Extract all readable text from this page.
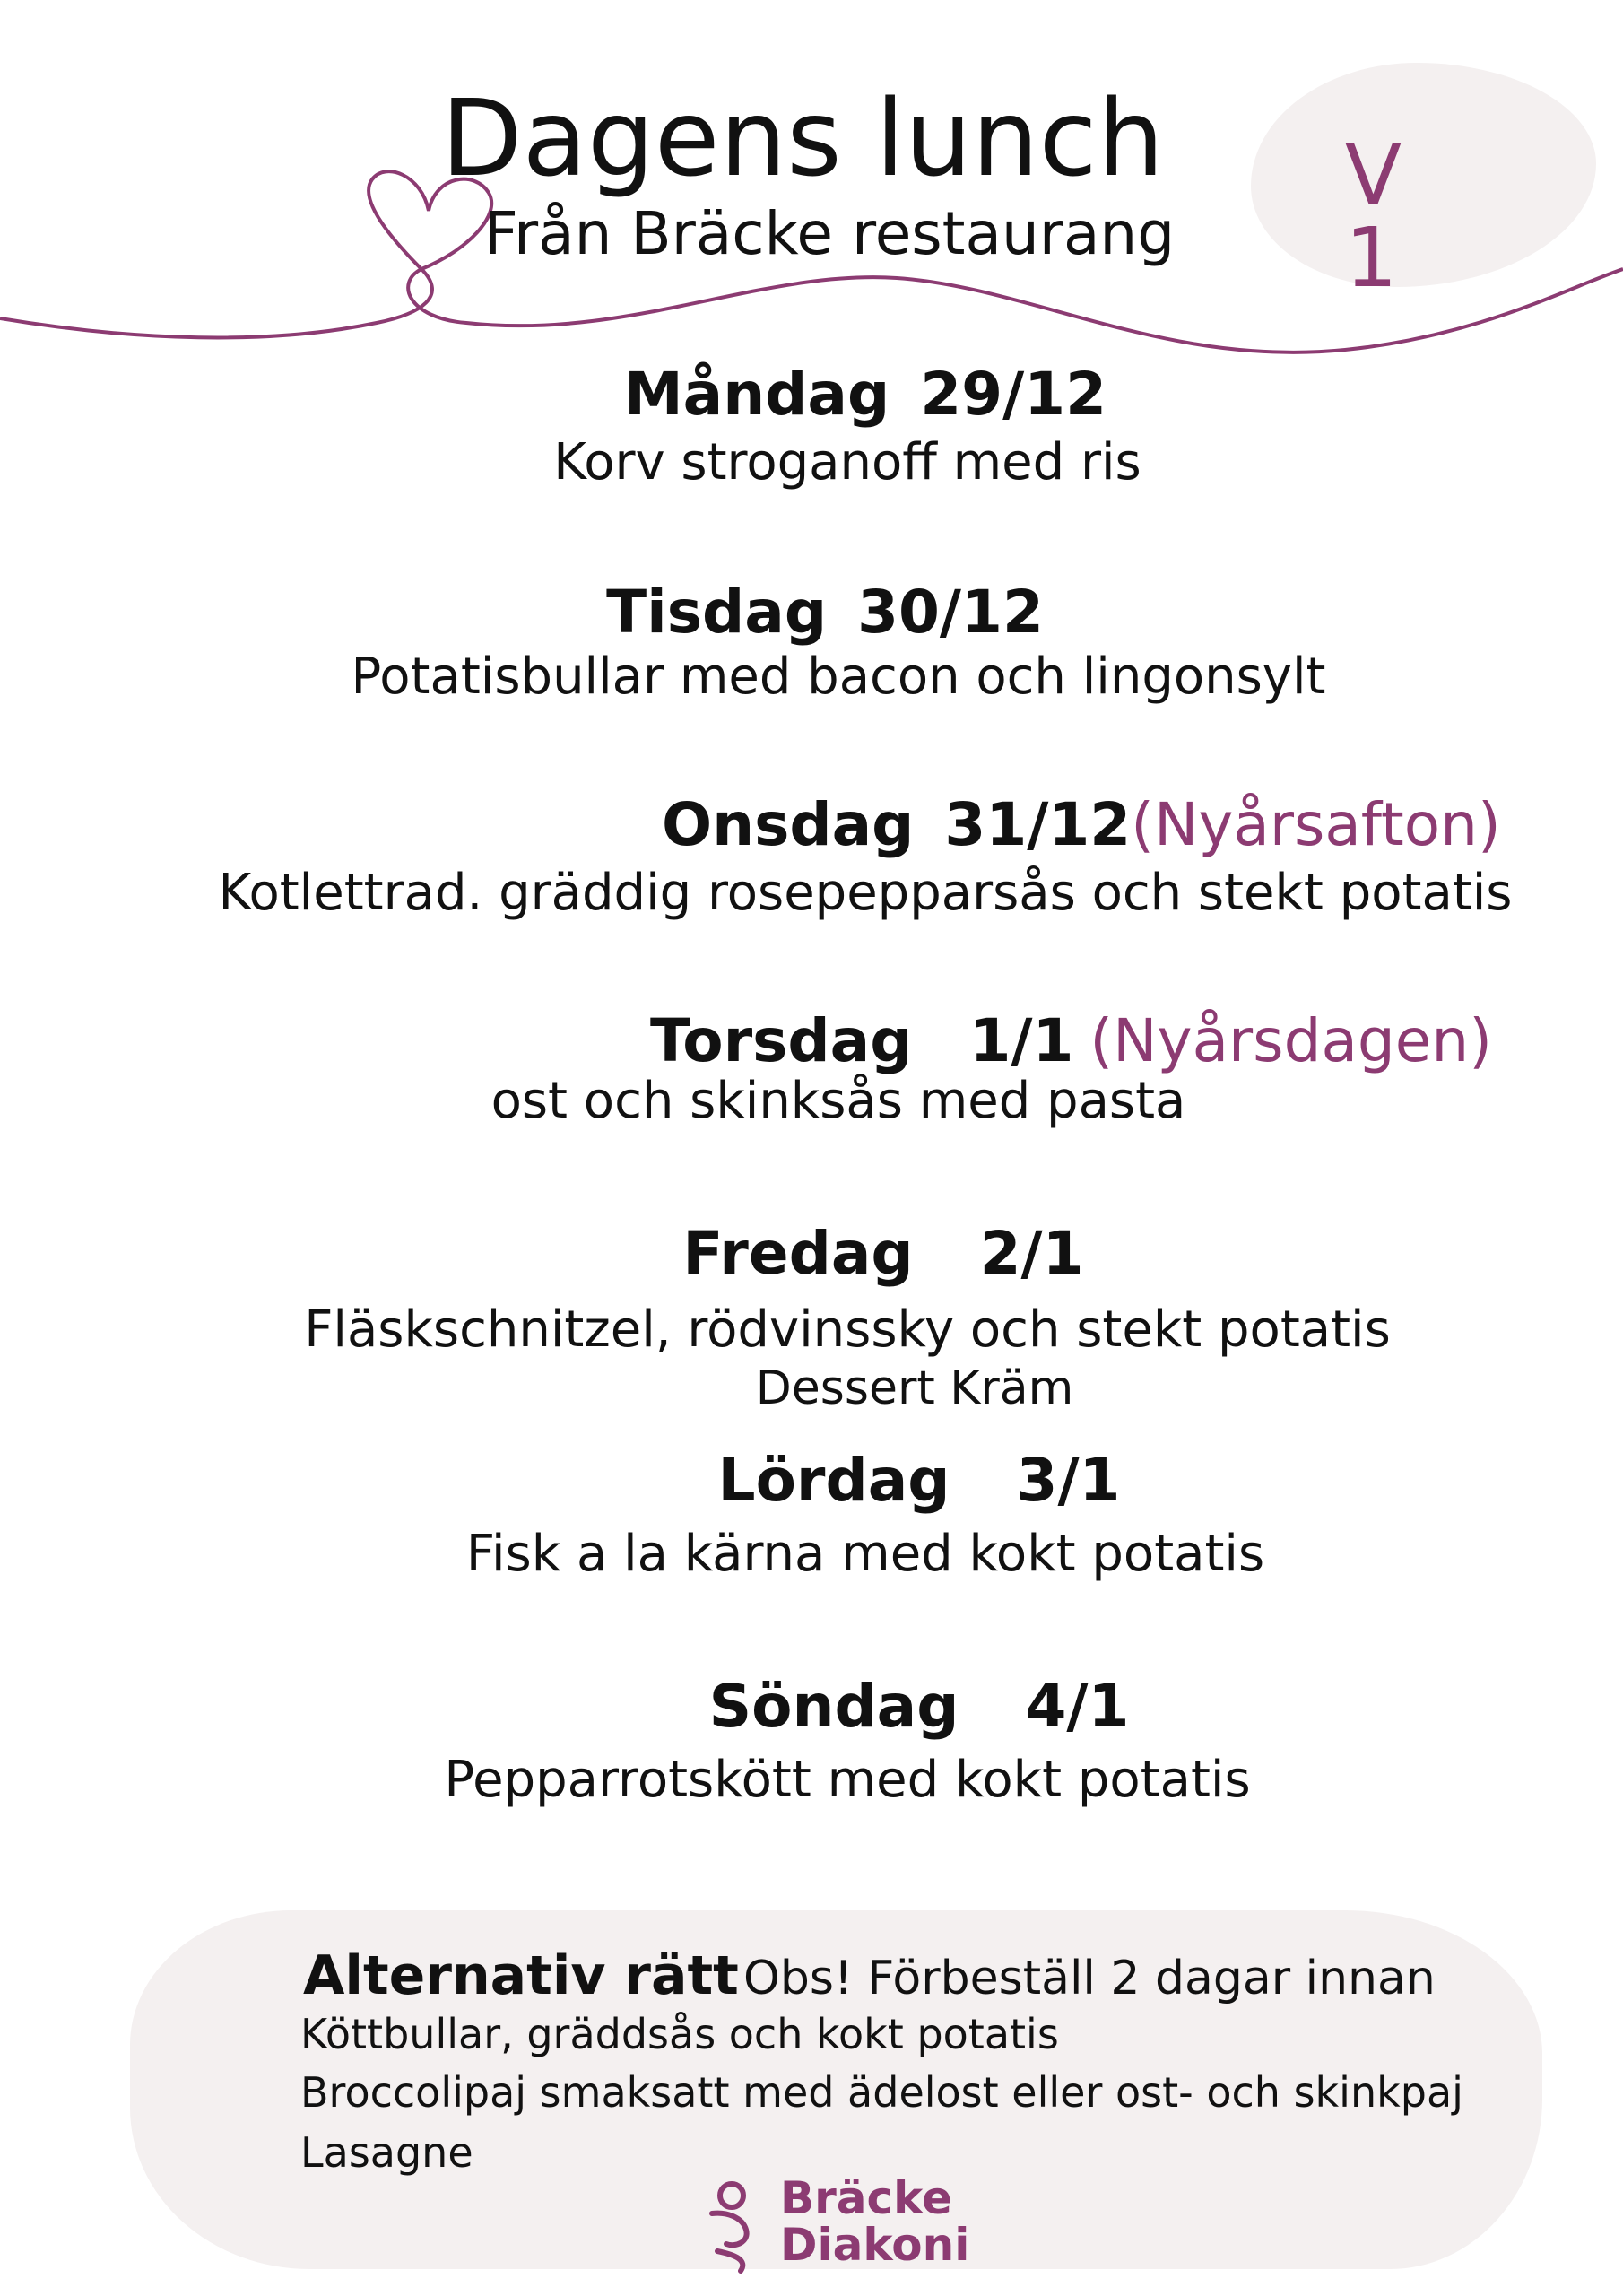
Dagens lunch
Från Bräcke restaurang
V  1
Måndag 29/12
Korv stroganoff med ris
Tisdag 30/12
Potatisbullar med bacon och lingonsylt
Onsdag 31/12(Nyårsafton)
Kotlettrad. gräddig rosepepparsås och stekt potatis
Torsdag 1/1 (Nyårsdagen)
ost och skinksås med pasta
Fredag 2/1
Fläskschnitzel, rödvinssky och stekt potatis
Dessert Kräm
Lördag 3/1
Fisk a la kärna med kokt potatis
Söndag 4/1
Pepparrotskött med kokt potatis
Alternativ rätt Obs! Förbeställ 2 dagar innan
Köttbullar, gräddsås och kokt potatis
Broccolipaj smaksatt med ädelost eller ost- och skinkpaj
Lasagne
Bräcke
Diakoni
